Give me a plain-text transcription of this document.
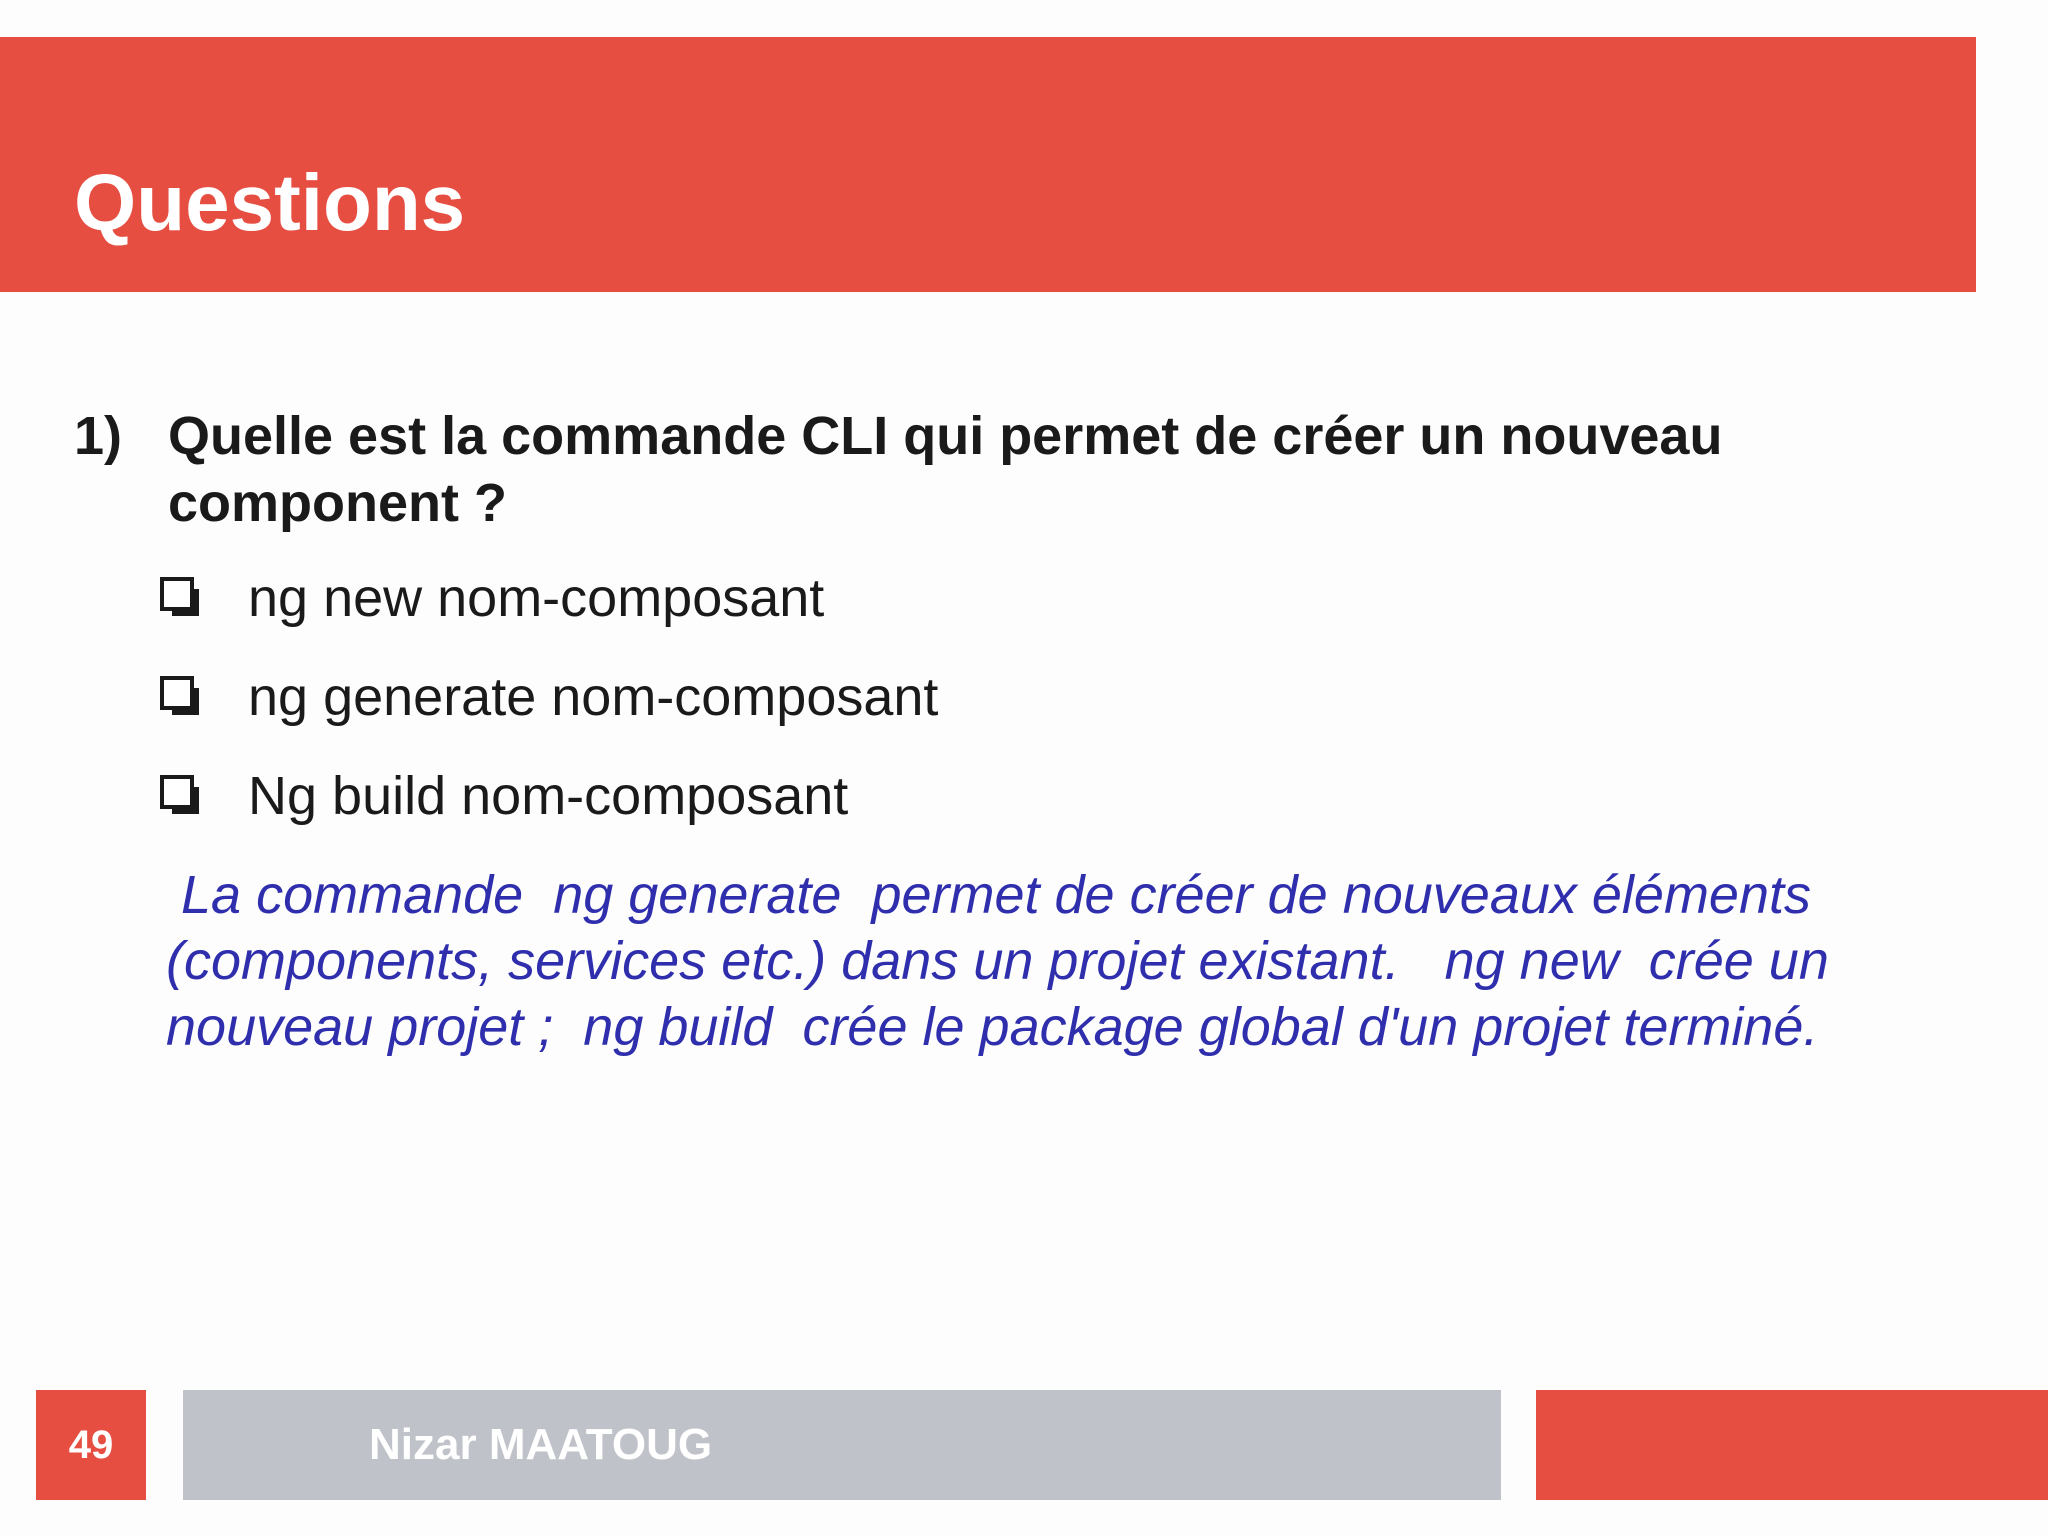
Questions
1) Quelle est la commande CLI qui permet de créer un nouveau component ?
ng new nom-composant
ng generate nom-composant
Ng build nom-composant

La commande  ng generate  permet de créer de nouveaux éléments
(components, services etc.) dans un projet existant.   ng new  crée un
nouveau projet ;  ng build  crée le package global d'un projet terminé.

49	Nizar MAATOUG
